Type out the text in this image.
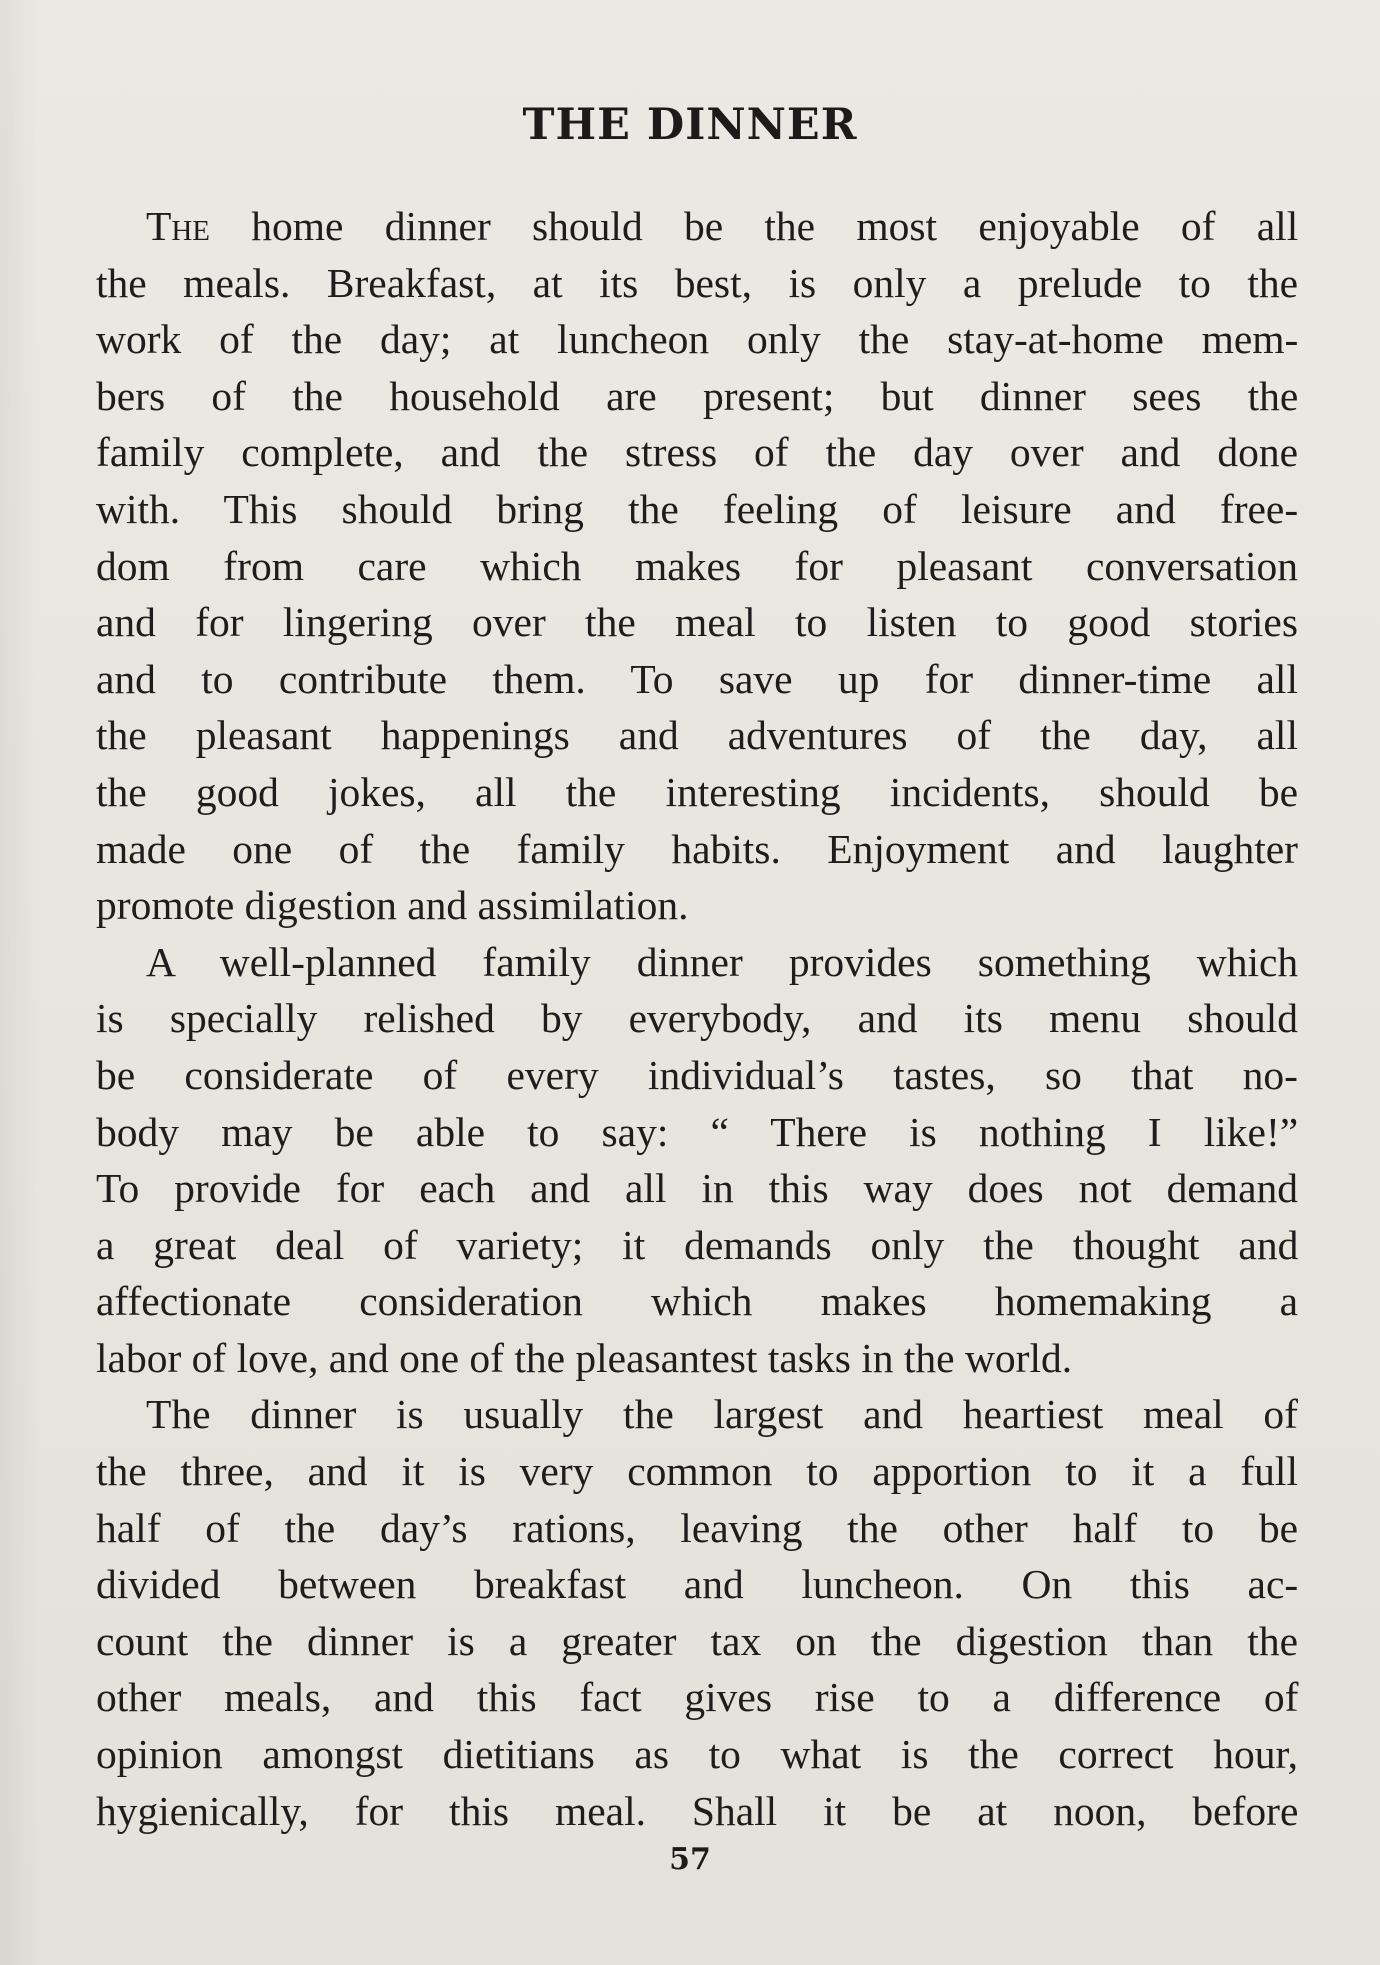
THE DINNER
The home dinner should be the most enjoyable of all
the meals. Breakfast, at its best, is only a prelude to the
work of the day; at luncheon only the stay-at-home mem-
bers of the household are present; but dinner sees the
family complete, and the stress of the day over and done
with. This should bring the feeling of leisure and free-
dom from care which makes for pleasant conversation
and for lingering over the meal to listen to good stories
and to contribute them. To save up for dinner-time all
the pleasant happenings and adventures of the day, all
the good jokes, all the interesting incidents, should be
made one of the family habits. Enjoyment and laughter
promote digestion and assimilation.
A well-planned family dinner provides something which
is specially relished by everybody, and its menu should
be considerate of every individual’s tastes, so that no-
body may be able to say: “ There is nothing I like!”
To provide for each and all in this way does not demand
a great deal of variety; it demands only the thought and
affectionate consideration which makes homemaking a
labor of love, and one of the pleasantest tasks in the world.
The dinner is usually the largest and heartiest meal of
the three, and it is very common to apportion to it a full
half of the day’s rations, leaving the other half to be
divided between breakfast and luncheon. On this ac-
count the dinner is a greater tax on the digestion than the
other meals, and this fact gives rise to a difference of
opinion amongst dietitians as to what is the correct hour,
hygienically, for this meal. Shall it be at noon, before
57
